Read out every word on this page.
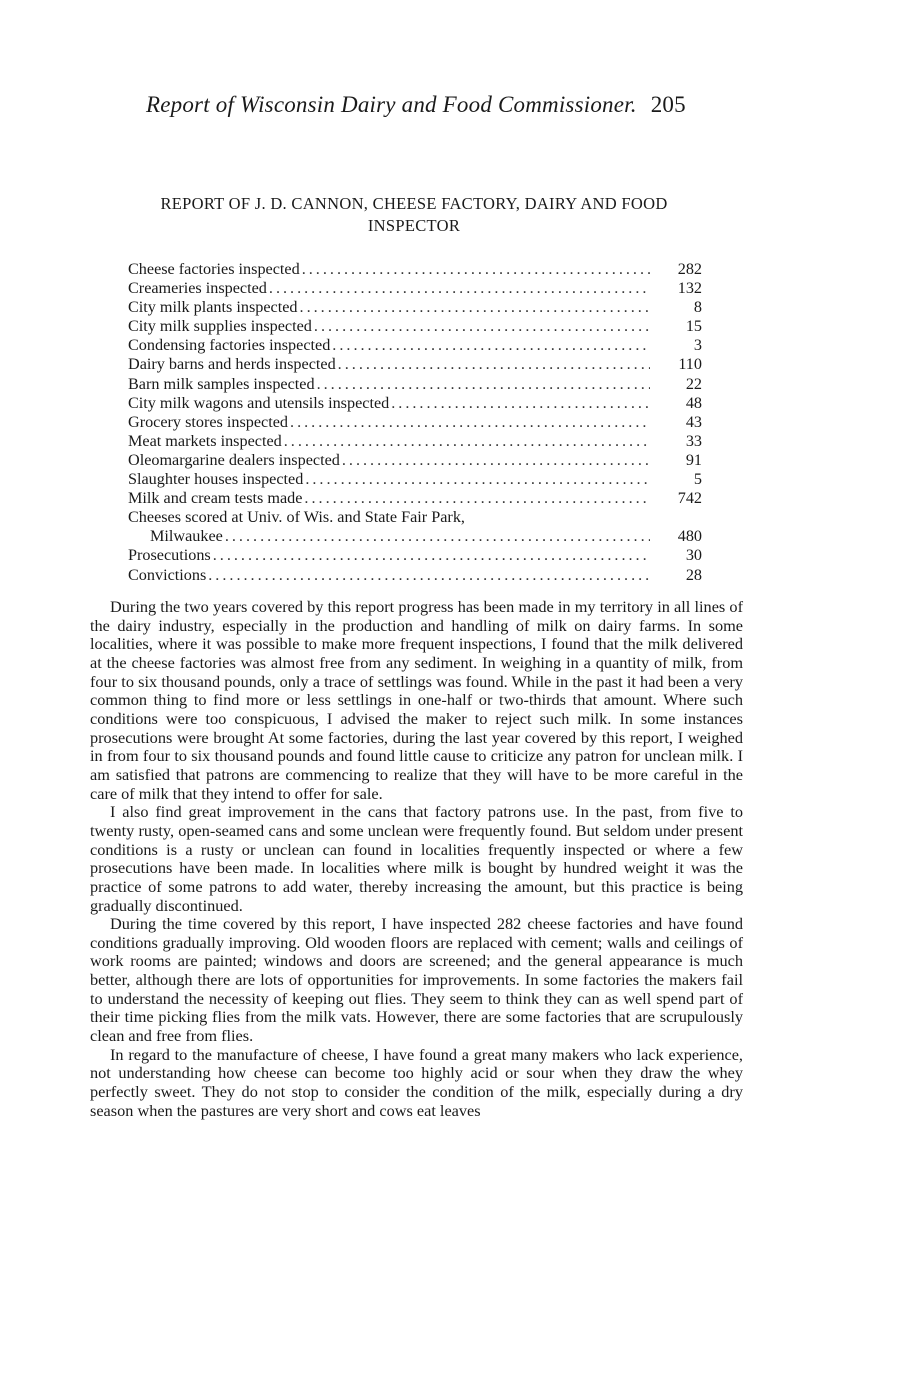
Report of Wisconsin Dairy and Food Commissioner. 205
REPORT OF J. D. CANNON, CHEESE FACTORY, DAIRY AND FOOD
INSPECTOR
Cheese factories inspected .....	282
Creameries inspected .....	132
City milk plants inspected .....	8
City milk supplies inspected .....	15
Condensing factories inspected .....	3
Dairy barns and herds inspected .....	110
Barn milk samples inspected .....	22
City milk wagons and utensils inspected .....	48
Grocery stores inspected .....	43
Meat markets inspected .....	33
Oleomargarine dealers inspected .....	91
Slaughter houses inspected .....	5
Milk and cream tests made .....	742
Cheeses scored at Univ. of Wis. and State Fair Park,
Milwaukee .....	480
Prosecutions .....	30
Convictions .....	28

During the two years covered by this report progress has been made in my territory in all lines of the dairy industry, especially in the production and handling of milk on dairy farms. In some localities, where it was possible to make more frequent inspections, I found that the milk delivered at the cheese factories was almost free from any sediment. In weighing in a quantity of milk, from four to six thousand pounds, only a trace of settlings was found. While in the past it had been a very common thing to find more or less settlings in one-half or two-thirds that amount. Where such conditions were too conspicuous, I advised the maker to reject such milk. In some instances prosecutions were brought At some factories, during the last year covered by this report, I weighed in from four to six thousand pounds and found little cause to criticize any patron for unclean milk. I am satisfied that patrons are commencing to realize that they will have to be more careful in the care of milk that they intend to offer for sale.

I also find great improvement in the cans that factory patrons use. In the past, from five to twenty rusty, open-seamed cans and some unclean were frequently found. But seldom under present conditions is a rusty or unclean can found in localities frequently inspected or where a few prosecutions have been made. In localities where milk is bought by hundred weight it was the practice of some patrons to add water, thereby increasing the amount, but this practice is being gradually discontinued.

During the time covered by this report, I have inspected 282 cheese factories and have found conditions gradually improving. Old wooden floors are replaced with cement; walls and ceilings of work rooms are painted; windows and doors are screened; and the general appearance is much better, although there are lots of opportunities for improvements. In some factories the makers fail to understand the necessity of keeping out flies. They seem to think they can as well spend part of their time picking flies from the milk vats. However, there are some factories that are scrupulously clean and free from flies.

In regard to the manufacture of cheese, I have found a great many makers who lack experience, not understanding how cheese can become too highly acid or sour when they draw the whey perfectly sweet. They do not stop to consider the condition of the milk, especially during a dry season when the pastures are very short and cows eat leaves
